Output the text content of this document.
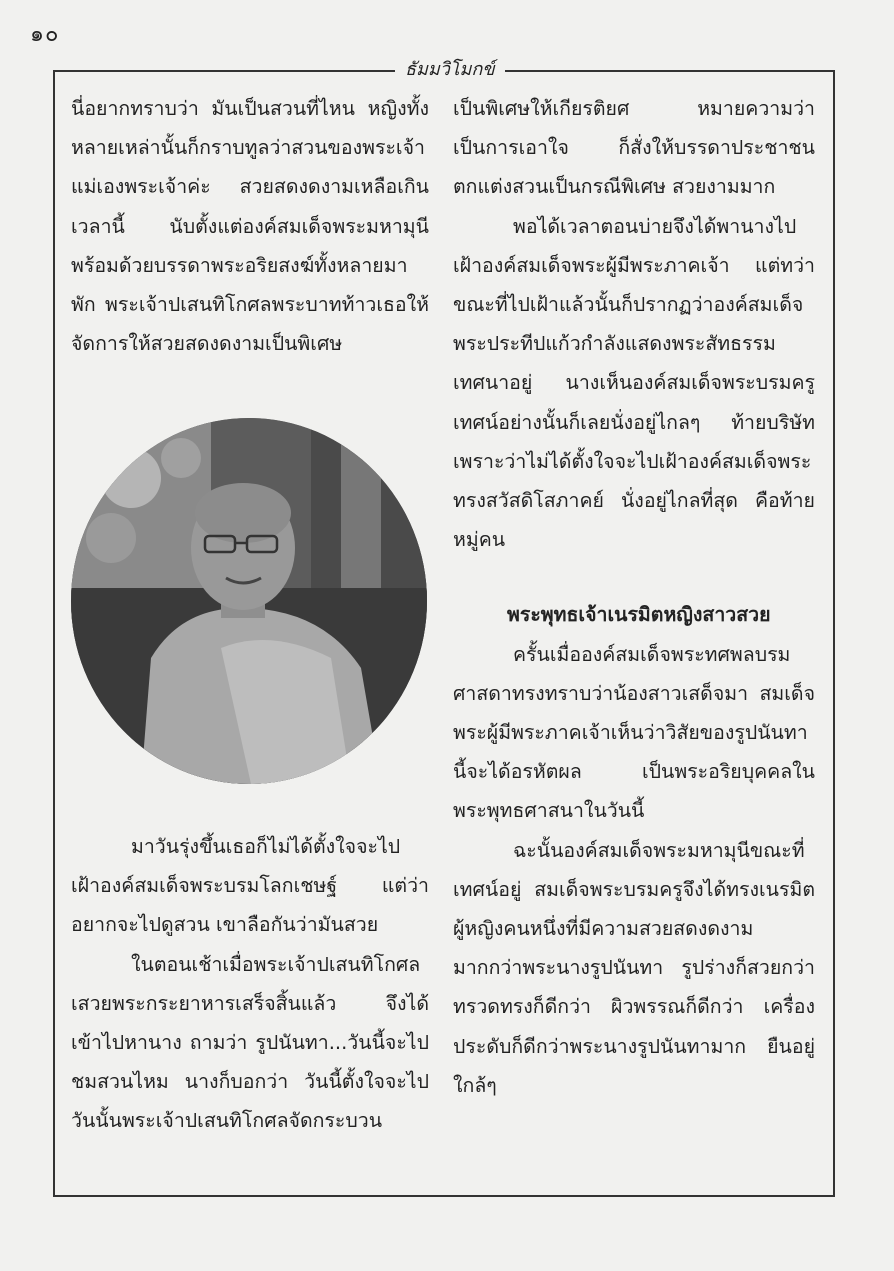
๑๐
ธัมมวิโมกข์

นี่อยากทราบว่า มันเป็นสวนที่ไหน หญิงทั้งหลายเหล่านั้นก็กราบทูลว่าสวนของพระเจ้าแม่เองพระเจ้าค่ะ สวยสดงดงามเหลือเกินเวลานี้ นับตั้งแต่องค์สมเด็จพระมหามุนีพร้อมด้วยบรรดาพระอริยสงฆ์ทั้งหลายมาพัก พระเจ้าปเสนทิโกศลพระบาทท้าวเธอให้จัดการให้สวยสดงดงามเป็นพิเศษ

มาวันรุ่งขึ้นเธอก็ไม่ได้ตั้งใจจะไปเฝ้าองค์สมเด็จพระบรมโลกเชษฐ์ แต่ว่าอยากจะไปดูสวน เขาลือกันว่ามันสวย

ในตอนเช้าเมื่อพระเจ้าปเสนทิโกศลเสวยพระกระยาหารเสร็จสิ้นแล้ว จึงได้เข้าไปหานาง ถามว่า รูปนันทา...วันนี้จะไปชมสวนไหม นางก็บอกว่า วันนี้ตั้งใจจะไป วันนั้นพระเจ้าปเสนทิโกศลจัดกระบวน

เป็นพิเศษให้เกียรติยศ หมายความว่าเป็นการเอาใจ ก็สั่งให้บรรดาประชาชนตกแต่งสวนเป็นกรณีพิเศษ สวยงามมาก

พอได้เวลาตอนบ่ายจึงได้พานางไปเฝ้าองค์สมเด็จพระผู้มีพระภาคเจ้า แต่ทว่าขณะที่ไปเฝ้าแล้วนั้นก็ปรากฏว่าองค์สมเด็จพระประทีปแก้วกำลังแสดงพระสัทธรรมเทศนาอยู่ นางเห็นองค์สมเด็จพระบรมครูเทศน์อย่างนั้นก็เลยนั่งอยู่ไกลๆ ท้ายบริษัท เพราะว่าไม่ได้ตั้งใจจะไปเฝ้าองค์สมเด็จพระทรงสวัสดิโสภาคย์ นั่งอยู่ไกลที่สุด คือท้ายหมู่คน

พระพุทธเจ้าเนรมิตหญิงสาวสวย

ครั้นเมื่อองค์สมเด็จพระทศพลบรมศาสดาทรงทราบว่าน้องสาวเสด็จมา สมเด็จพระผู้มีพระภาคเจ้าเห็นว่าวิสัยของรูปนันทานี้จะได้อรหัตผล เป็นพระอริยบุคคลในพระพุทธศาสนาในวันนี้

ฉะนั้นองค์สมเด็จพระมหามุนีขณะที่เทศน์อยู่ สมเด็จพระบรมครูจึงได้ทรงเนรมิตผู้หญิงคนหนึ่งที่มีความสวยสดงดงามมากกว่าพระนางรูปนันทา รูปร่างก็สวยกว่า ทรวดทรงก็ดีกว่า ผิวพรรณก็ดีกว่า เครื่องประดับก็ดีกว่าพระนางรูปนันทามาก ยืนอยู่ใกล้ๆ
